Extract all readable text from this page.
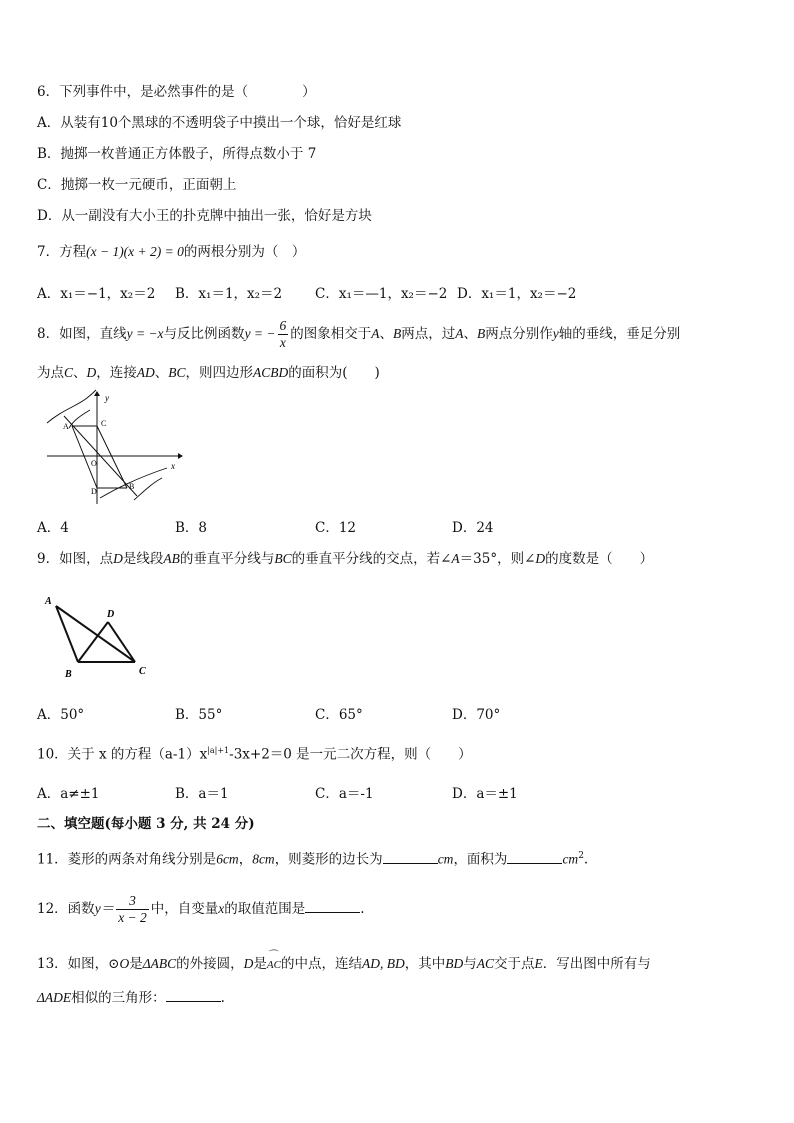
6．下列事件中，是必然事件的是（　　　　）
A．从装有10个黑球的不透明袋子中摸出一个球，恰好是红球
B．抛掷一枚普通正方体骰子，所得点数小于 7
C．抛掷一枚一元硬币，正面朝上
D．从一副没有大小王的扑克牌中抽出一张，恰好是方块
7．方程(x − 1)(x + 2) = 0的两根分别为（　）
A．x₁＝−1，x₂＝2 B．x₁＝1，x₂＝2 C．x₁＝—1，x₂＝−2 D．x₁＝1，x₂＝−2
8．如图，直线y = −x与反比例函数y = − $\frac{6}{x}$ 的图象相交于A、B两点，过A、B两点分别作y轴的垂线，垂足分别
为点C、D，连接AD、BC，则四边形ACBD的面积为(　　)
y
x
A	C
O
D
B
A．4	B．8	C．12	D．24
9．如图，点D是线段AB的垂直平分线与BC的垂直平分线的交点，若∠A＝35°，则∠D的度数是（　　）
A
D
B	C
A．50°	B．55°	C．65°	D．70°
10．关于 x 的方程$(a-1)x^{|a|+1}-3x+2=0$ 是一元二次方程，则（　　）
A．a≠±1	B．a＝1	C．a＝-1	D．a＝±1
二、填空题(每小题 3 分, 共 24 分)
11．菱形的两条对角线分别是6cm，8cm，则菱形的边长为	cm，面积为	$cm^2$.
12．函数$y= \frac{3}{x - 2}$ 中，自变量x的取值范围是	.
13．如图，⊙O是ΔABC的外接圆，D是
⌒
AC的中点，连结AD, BD，其中BD与AC交于点E．写出图中所有与
ΔADE相似的三角形：	.
